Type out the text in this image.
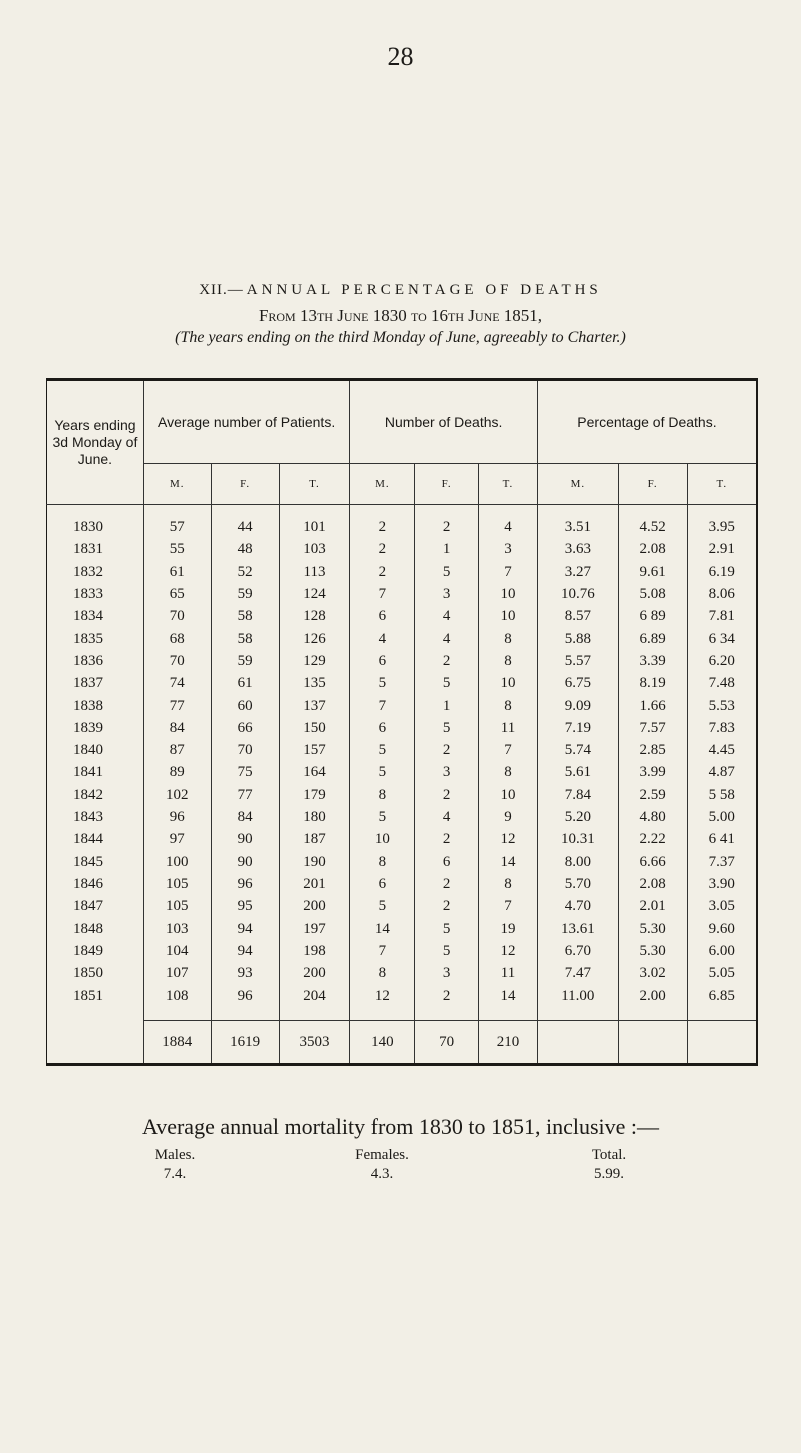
28
XII.—ANNUAL PERCENTAGE OF DEATHS
From 13th June 1830 to 16th June 1851,
(The years ending on the third Monday of June, agreeably to Charter.)
Years ending 3d Monday of June.	Average number of Patients.			Number of Deaths.			Percentage of Deaths.		
	M.	F.	T.	M.	F.	T.	M.	F.	T.

1830	57	44	101	2	2	4	3.51	4.52	3.95
1831	55	48	103	2	1	3	3.63	2.08	2.91
1832	61	52	113	2	5	7	3.27	9.61	6.19
1833	65	59	124	7	3	10	10.76	5.08	8.06
1834	70	58	128	6	4	10	8.57	6 89	7.81
1835	68	58	126	4	4	8	5.88	6.89	6 34
1836	70	59	129	6	2	8	5.57	3.39	6.20
1837	74	61	135	5	5	10	6.75	8.19	7.48
1838	77	60	137	7	1	8	9.09	1.66	5.53
1839	84	66	150	6	5	11	7.19	7.57	7.83
1840	87	70	157	5	2	7	5.74	2.85	4.45
1841	89	75	164	5	3	8	5.61	3.99	4.87
1842	102	77	179	8	2	10	7.84	2.59	5 58
1843	96	84	180	5	4	9	5.20	4.80	5.00
1844	97	90	187	10	2	12	10.31	2.22	6 41
1845	100	90	190	8	6	14	8.00	6.66	7.37
1846	105	96	201	6	2	8	5.70	2.08	3.90
1847	105	95	200	5	2	7	4.70	2.01	3.05
1848	103	94	197	14	5	19	13.61	5.30	9.60
1849	104	94	198	7	5	12	6.70	5.30	6.00
1850	107	93	200	8	3	11	7.47	3.02	5.05
1851	108	96	204	12	2	14	11.00	2.00	6.85

	1884	1619	3503	140	70	210			
Average annual mortality from 1830 to 1851, inclusive :—
Males.	Females.	Total.
7.4.	4.3.	5.99.
